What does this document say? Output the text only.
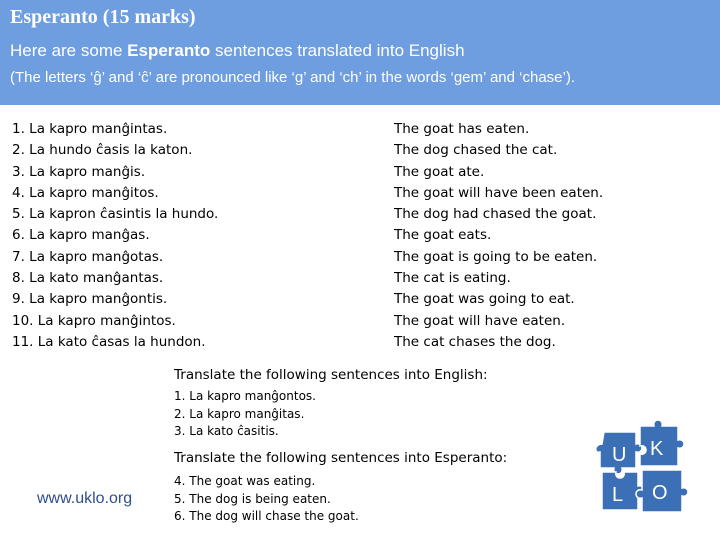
Esperanto (15 marks)
Here are some Esperanto sentences translated into English
(The letters ‘ĝ’ and ‘ĉ’ are pronounced like ‘g’ and ‘ch’ in the words ‘gem’ and ‘chase’).
1. La kapro manĝintas.
2. La hundo ĉasis la katon.
3. La kapro manĝis.
4. La kapro manĝitos.
5. La kapron ĉasintis la hundo.
6. La kapro manĝas.
7. La kapro manĝotas.
8. La kato manĝantas.
9. La kapro manĝontis.
10. La kapro manĝintos.
11. La kato ĉasas la hundon.
The goat has eaten.
The dog chased the cat.
The goat ate.
The goat will have been eaten.
The dog had chased the goat.
The goat eats.
The goat is going to be eaten.
The cat is eating.
The goat was going to eat.
The goat will have eaten.
The cat chases the dog.
Translate the following sentences into English:
1. La kapro manĝontos.
2. La kapro manĝitas.
3. La kato ĉasitis.
Translate the following sentences into Esperanto:
4. The goat was eating.
5. The dog is being eaten.
6. The dog will chase the goat.
www.uklo.org
U K
L O
